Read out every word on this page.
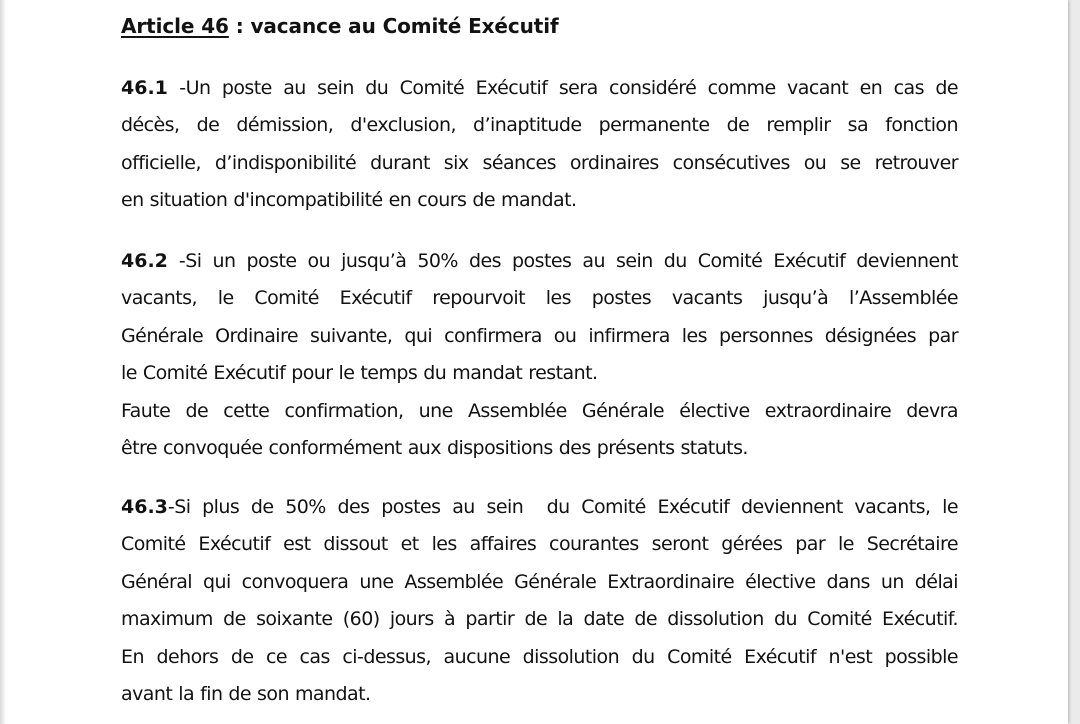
Article 46 : vacance au Comité Exécutif
46.1 -Un poste au sein du Comité Exécutif sera considéré comme vacant en cas de
décès, de démission, d'exclusion, d’inaptitude permanente de remplir sa fonction
officielle, d’indisponibilité durant six séances ordinaires consécutives ou se retrouver
en situation d'incompatibilité en cours de mandat.
46.2 -Si un poste ou jusqu’à 50% des postes au sein du Comité Exécutif deviennent
vacants, le Comité Exécutif repourvoit les postes vacants jusqu’à l’Assemblée
Générale Ordinaire suivante, qui confirmera ou infirmera les personnes désignées par
le Comité Exécutif pour le temps du mandat restant.
Faute de cette confirmation, une Assemblée Générale élective extraordinaire devra
être convoquée conformément aux dispositions des présents statuts.
46.3-Si plus de 50% des postes au sein  du Comité Exécutif deviennent vacants, le
Comité Exécutif est dissout et les affaires courantes seront gérées par le Secrétaire
Général qui convoquera une Assemblée Générale Extraordinaire élective dans un délai
maximum de soixante (60) jours à partir de la date de dissolution du Comité Exécutif.
En dehors de ce cas ci-dessus, aucune dissolution du Comité Exécutif n'est possible
avant la fin de son mandat.
